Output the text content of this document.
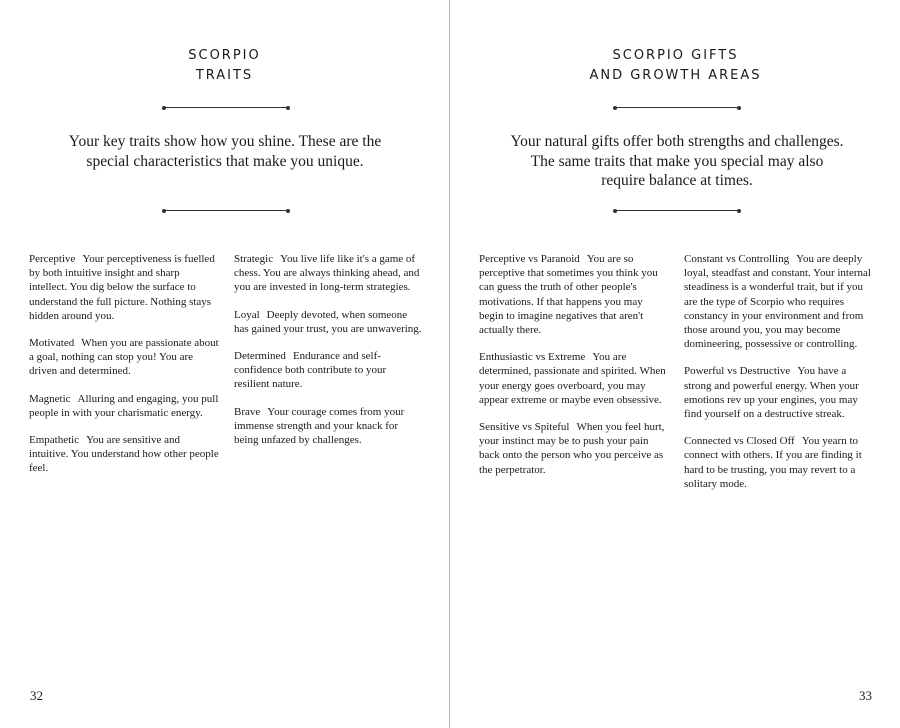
SCORPIO
TRAITS
Your key traits show how you shine. These are the special characteristics that make you unique.

Perceptive Your perceptiveness is fuelled by both intuitive insight and sharp intellect. You dig below the surface to understand the full picture. Nothing stays hidden around you.

Motivated When you are passionate about a goal, nothing can stop you! You are driven and determined.

Magnetic Alluring and engaging, you pull people in with your charismatic energy.

Empathetic You are sensitive and intuitive. You understand how other people feel.

Strategic You live life like it's a game of chess. You are always thinking ahead, and you are invested in long-term strategies.

Loyal Deeply devoted, when someone has gained your trust, you are unwavering.

Determined Endurance and self-confidence both contribute to your resilient nature.

Brave Your courage comes from your immense strength and your knack for being unfazed by challenges.

32
SCORPIO GIFTS
AND GROWTH AREAS
Your natural gifts offer both strengths and challenges. The same traits that make you special may also require balance at times.

Perceptive vs Paranoid You are so perceptive that sometimes you think you can guess the truth of other people's motivations. If that happens you may begin to imagine negatives that aren't actually there.

Enthusiastic vs Extreme You are determined, passionate and spirited. When your energy goes overboard, you may appear extreme or maybe even obsessive.

Sensitive vs Spiteful When you feel hurt, your instinct may be to push your pain back onto the person who you perceive as the perpetrator.

Constant vs Controlling You are deeply loyal, steadfast and constant. Your internal steadiness is a wonderful trait, but if you are the type of Scorpio who requires constancy in your environment and from those around you, you may become domineering, possessive or controlling.

Powerful vs Destructive You have a strong and powerful energy. When your emotions rev up your engines, you may find yourself on a destructive streak.

Connected vs Closed Off You yearn to connect with others. If you are finding it hard to be trusting, you may revert to a solitary mode.

33
